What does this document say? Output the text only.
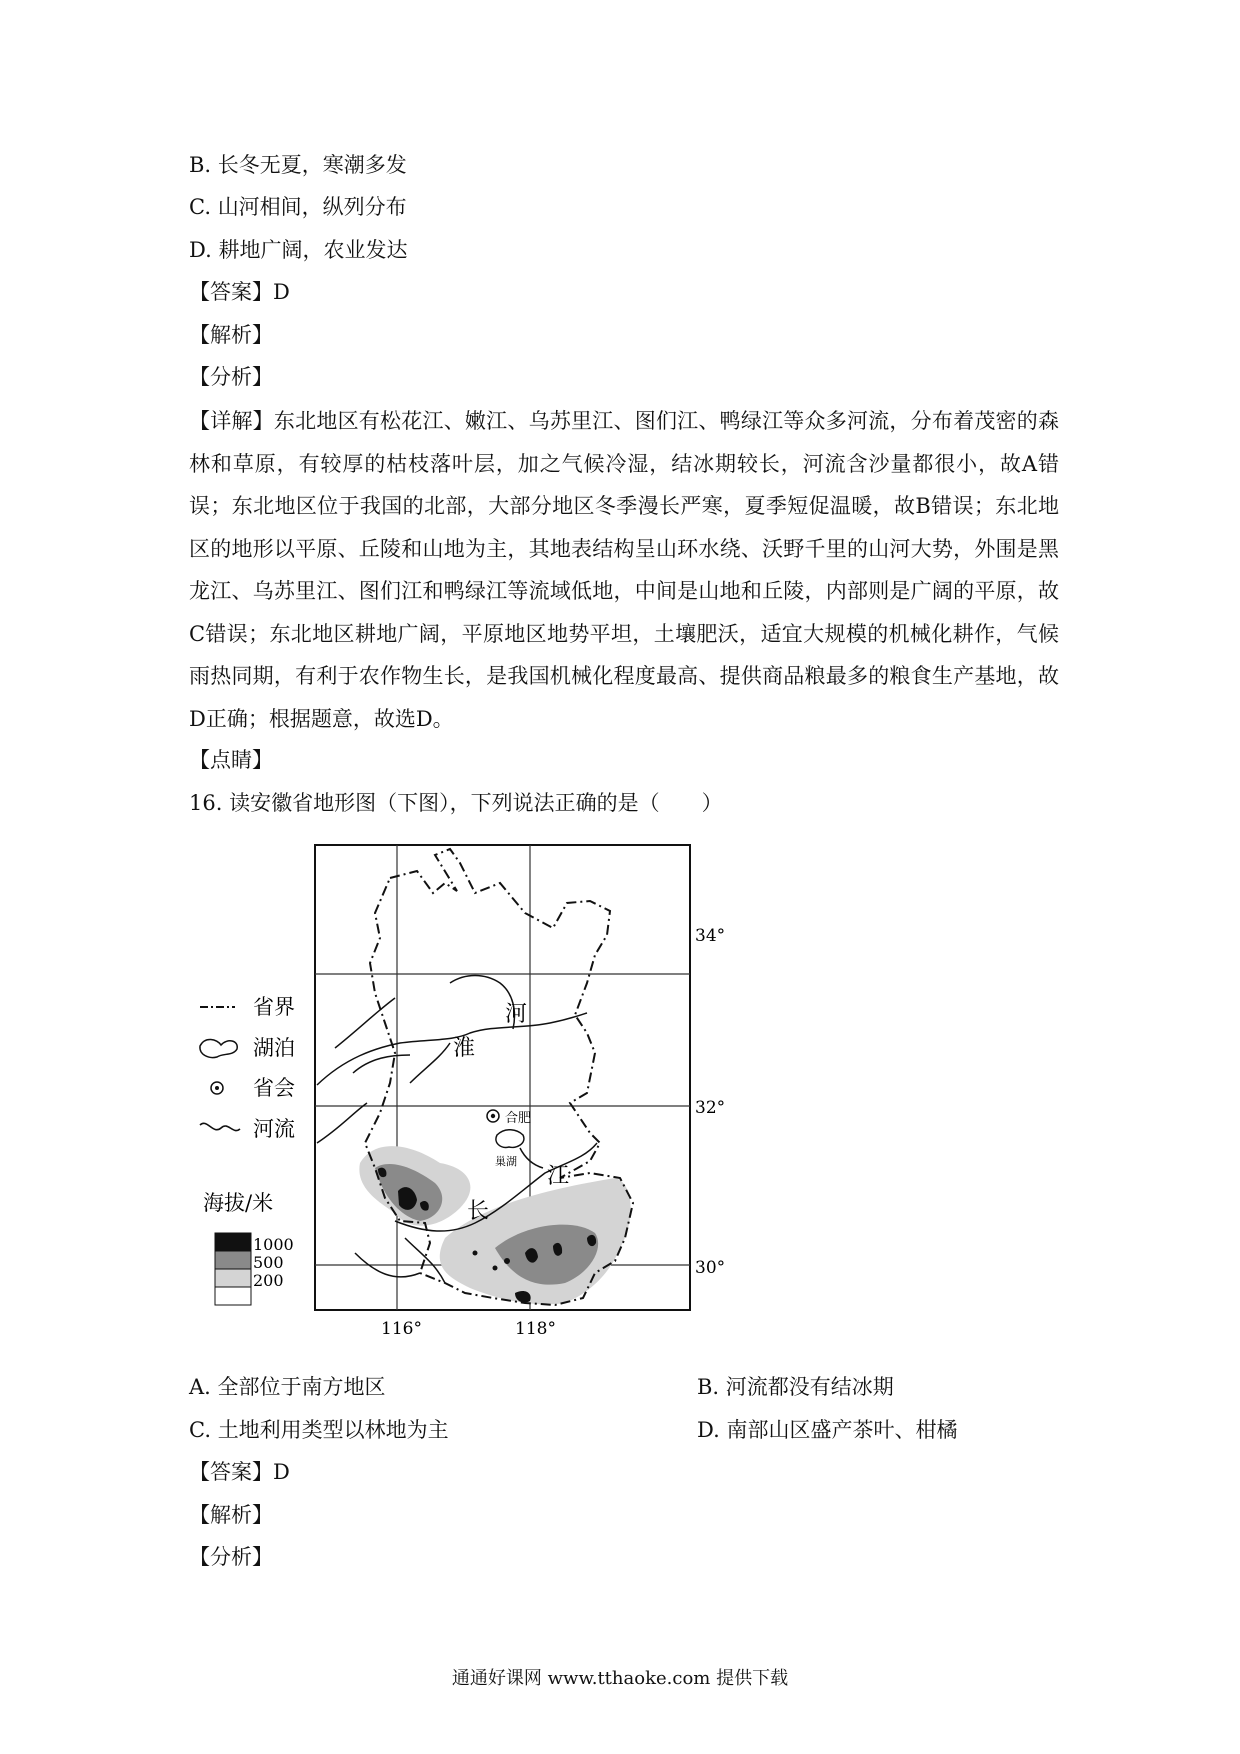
B. 长冬无夏，寒潮多发
C. 山河相间，纵列分布
D. 耕地广阔，农业发达
【答案】D
【解析】
【分析】
【详解】东北地区有松花江、嫩江、乌苏里江、图们江、鸭绿江等众多河流，分布着茂密的森林和草原，有较厚的枯枝落叶层，加之气候冷湿，结冰期较长，河流含沙量都很小，故A错误；东北地区位于我国的北部，大部分地区冬季漫长严寒，夏季短促温暖，故B错误；东北地区的地形以平原、丘陵和山地为主，其地表结构呈山环水绕、沃野千里的山河大势，外围是黑龙江、乌苏里江、图们江和鸭绿江等流域低地，中间是山地和丘陵，内部则是广阔的平原，故C错误；东北地区耕地广阔，平原地区地势平坦，土壤肥沃，适宜大规模的机械化耕作，气候雨热同期，有利于农作物生长，是我国机械化程度最高、提供商品粮最多的粮食生产基地，故D正确；根据题意，故选D。
【点睛】
16. 读安徽省地形图（下图），下列说法正确的是（　　）
合肥
巢湖
河
淮
长
江
34°
32°
30°
116°	118°
省界
湖泊
省会
河流
海拔/米
1000
500
200
A. 全部位于南方地区	B. 河流都没有结冰期
C. 土地利用类型以林地为主	D. 南部山区盛产茶叶、柑橘
【答案】D
【解析】
【分析】
通通好课网 www.tthaoke.com 提供下载
